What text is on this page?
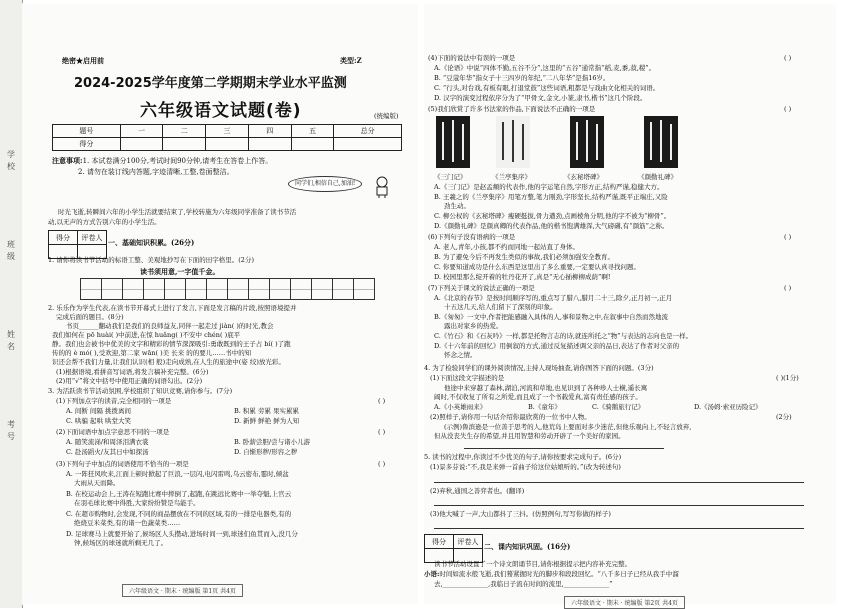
学
校
班
级
姓
名
考
号
绝密★启用前	类型:Z
2024-2025学年度第二学期期末学业水平监测
六年级语文试题(卷)	(统编版)
题号	一	二	三	四	五	总分
得分						
注意事项:1. 本试卷满分100分,考试时间90分钟,请考生在答卷上作答。
2. 请勿在装订线内答题,字迹清晰,工整,卷面整洁。
同学们,相信自己,加油!
时光飞逝,转瞬间六年的小学生活就要结束了,学校转施为六年级同学准备了读书节活
动,以无声的方式告别六年的小学生活。
得分	评卷人

一、基础知识积累。(26分)
1. 请你将读书节活动的标语工整、美观地抄写在下面的田字格里。(2分)
读书须用意,一字值千金。
2. 乐乐作为学生代表,在读书节开幕式上进行了发言,下面是发言稿的片段,按照语境提并
完成后面的题目。(8分)
书页______翻动我们是我们的良师益友,同伴一起走过 jiàn( )的时光,教会
我们如何在 pō huài( )中前进,在惊 huǎng( )不安中 chén( )底平
静。我们也会被书中优美的文字和精彩的情节深深吸引:勇敢既到的王子占 bí( )了跑
传的的 è mó( ),受欢迎,第二家 wān( )美 长来 的的要儿……书中的知
识还会帮不我们力量,让我们认识(相 般)走向成熟,在人生的旅途中(姿 绞)放光彩。
(1)根据语境,看拼音写词语,将发言稿补充完整。(6分)
(2)用“√”将文中括号中使用正确的词语勾出。(2分)
3. 为活跃读书节活动氛围,学校组织了知识竞赛,请你参与。(7分)
(1)下列加点字的读音,完全相同的一项是	( )
A. 间断 间隔 挑拨离间	B. 积累 劳累 果实累累
C. 哄骗 起哄 哄堂大笑	D. 新鲜 鲜艳 鲜为人知
(2)下面词语中加点字意思不同的一项是	( )
A. 随笑流涕/和周泽泪满衣裳	B. 卧薪尝胆/尝与诸小儿游
C. 赴汤蹈火/友其日中如探汤	D. 自惭形秽/形容之秽
(3)下列句子中加点的词语使用不恰当的一项是	( )
A. 一阵狂风吹来,江面上顿时掀起了巨浪,一层闪,电闪雷鸣,乌云密布,霎时,倾盆
大雨从天而降。
B. 在校运动会上,王涛在短跑比赛中摔倒了,起跑,在跳远比赛中一举夺魁,上官云
在羽毛球比赛中得胜,大家纷纷赞是鸟能手。
C. 在超市购物时,会发现,不同的商品摆放在不同的区域,有的一排是电器类,有的
绝烧豆米菜类,有的诸一色蔬菜类……
D. 足球赛马上就要开始了,候场区人头攒动,进场时间一到,球迷们鱼贯而入,没几分
钟,候场区的球迷就所剩无几了。
六年级语文 · 期末 · 统编版 第1页 共4页
(4)下面的说法中有误的一项是	( )
A.《论语》中说“四体不勤,五谷不分”,这里的“五谷”通常指“稻,麦,黍,菽,稷”。
B. “豆蔻年华”指女子十三四岁的年纪,“二八年华”是指16岁。
C. “行头,对台戏,有板有眼,打退堂鼓”这些词语,粗都是与戏曲文化相关的词语。
D. 汉字的演变过程依序分为了“甲骨文,金文,小篆,隶书,楷书”这几个阶段。
(5)我们欣赏了许多书法家的作品,下面说法不正确的一项是	( )
《三门记》	《兰亭集序》	《玄秘塔碑》	《颜勤礼碑》
A.《三门记》是赵孟頫的代表作,他的字运笔自然,字形方正,结构严谨,稳健大方。
B. 王羲之的《兰亭集序》用笔方整,笔力刚劲,字形坚长,结构严谨,既平正端庄,又险
劲生动。
C. 柳公权的《玄秘塔碑》瘦硬挺拔,骨力遒劲,点画棱角分明,他的字不被为“柳骨”。
D.《颜勤礼碑》是颜真卿的代表作品,他的楷书饱满雄浑,大气磅礴,有“颜筋”之称。
(6)下列句子没有语病的一项是	( )
A. 老人,青年,小孩,都不约而同地一起站直了身体。
B. 为了避免今后不再发生类似的事故,我们必须加强安全教育。
C. 你要知道成功是什么东西是这里出了多么重要,一定要认真寻找问题。
D. 校园里那么绽开着的牡丹花开了,真是“无心插柳柳成荫”啊!
(7)下列关于课文的说法正确的一项是	( )
A.《北京的春节》是按时间顺序写的,重点写了腊八,腊月二十三,除夕,正月初一,正月
十五这几天,给人们留下了深刻的印象。
B.《匆匆》一文中,作者把能感融入具体的人,事和景物之中,在叙事中自然而然地流
露出对家乡的热爱。
C.《竹石》和《石灰吟》一样,都是托物言志的诗,就连所托之“物”与表达的志向也是一样。
D.《十六年前的回忆》用倒叙的方式,通过反复描述调父亲的品日,表达了作者对父亲的
怀念之情。
4. 为了检验同学们的课外阅读情况,主持人现场抽查,请你图答下面的问题。(3分)
(1)下面这段文字描述的是	( )(1分)
他途中来穿越了森林,湖泊,河流和草地,也见识到了各种珍人士横,遥长寓
阔时,不仅收复了所有之所爱,而且成了一个书载爱真,富有责任感的孩子。
A.《小英雄雨来》	B.《童年》	C.《骑鹅旅行记》	D.《汤姆·索亚历险记》
(2)照样子,请你用一句话介绍你最欣赏的一位书中人物。	(2分)
(示例)鲁滨逊是一位善于思考的人,他荒岛上要面对多少迷茫,但他乐观向上,不轻言放弃,
但从没丧失生存的希望,并且用智慧和劳动开辟了一个美好的家园。
5. 读书的过程中,你读过不少优美的句子,请你按要求完成句子。(6分)
(1)景多芬说:“不,我是来弹一首曲子给这位姑娘听的。”(改为转述句)
(2)弃秋,通国之善弈者也。(翻译)
(3)他大喊了一声,大山都抖了三抖。(仿照例句,写写你做的样子)
得分	评卷人

二、课内知识巩固。(16分)
读书节活动设置了一个诗文朗诵节目,请你根据提示把内容补充完整。
小语:时间如流水般飞逝,我们蓦紧握时光的脚步和段段回忆。“八千多日子已经从我手中溜
去,______________,我临日子流在时间的流里,______________”
六年级语文 · 期末 · 统编版 第2页 共4页
